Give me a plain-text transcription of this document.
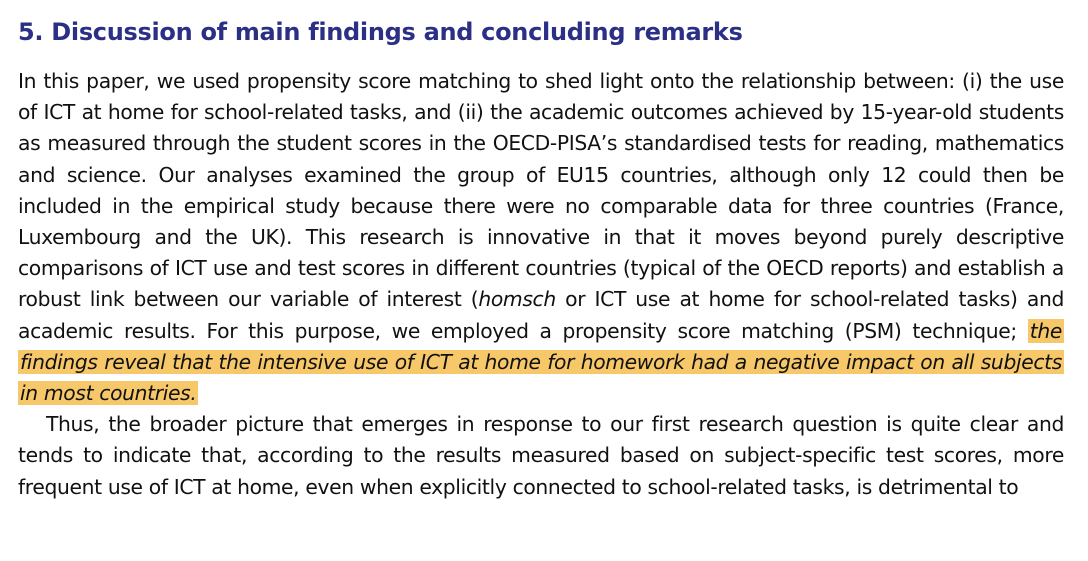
5. Discussion of main findings and concluding remarks

In this paper, we used propensity score matching to shed light onto the relationship between: (i) the use of ICT at home for school-related tasks, and (ii) the academic outcomes achieved by 15-year-old students as measured through the student scores in the OECD-PISA’s standardised tests for reading, mathematics and science. Our analyses examined the group of EU15 countries, although only 12 could then be included in the empirical study because there were no comparable data for three countries (France, Luxembourg and the UK). This research is innovative in that it moves beyond purely descriptive comparisons of ICT use and test scores in different countries (typical of the OECD reports) and establish a robust link between our variable of interest (homsch or ICT use at home for school-related tasks) and academic results. For this purpose, we employed a propensity score matching (PSM) technique; the findings reveal that the intensive use of ICT at home for homework had a negative impact on all subjects in most countries.

Thus, the broader picture that emerges in response to our first research question is quite clear and tends to indicate that, according to the results measured based on subject-specific test scores, more frequent use of ICT at home, even when explicitly connected to school-related tasks, is detrimental to
